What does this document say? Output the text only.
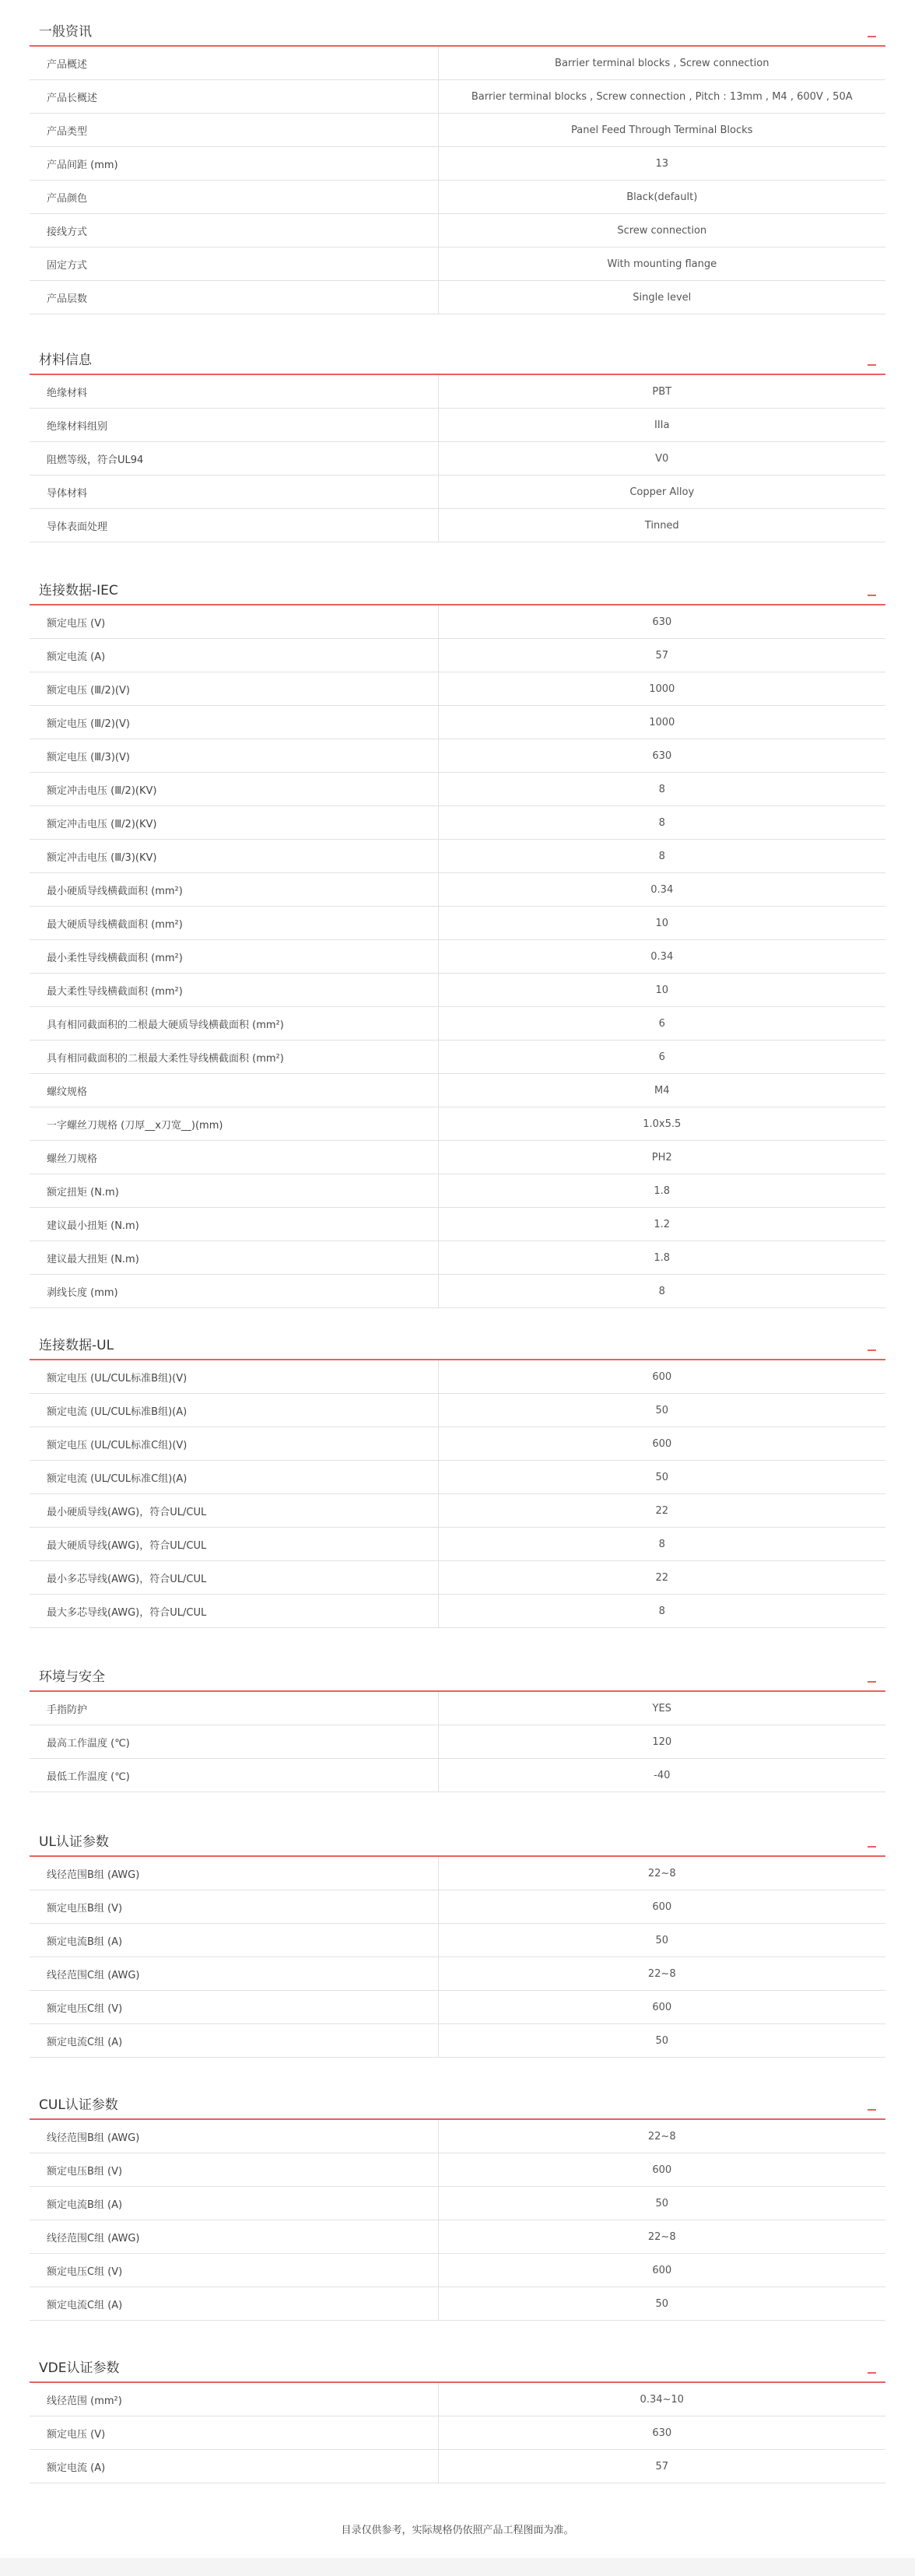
一般资讯
产品概述	Barrier terminal blocks , Screw connection
产品长概述	Barrier terminal blocks , Screw connection , Pitch : 13mm , M4 , 600V , 50A
产品类型	Panel Feed Through Terminal Blocks
产品间距 (mm)	13
产品颜色	Black(default)
接线方式	Screw connection
固定方式	With mounting flange
产品层数	Single level
材料信息
绝缘材料	PBT
绝缘材料组别	IIIa
阻燃等级，符合UL94	V0
导体材料	Copper Alloy
导体表面处理	Tinned
连接数据-IEC
额定电压 (V)	630
额定电流 (A)	57
额定电压 (Ⅲ/2)(V)	1000
额定电压 (Ⅲ/2)(V)	1000
额定电压 (Ⅲ/3)(V)	630
额定冲击电压 (Ⅲ/2)(KV)	8
额定冲击电压 (Ⅲ/2)(KV)	8
额定冲击电压 (Ⅲ/3)(KV)	8
最小硬质导线横截面积 (mm²)	0.34
最大硬质导线横截面积 (mm²)	10
最小柔性导线横截面积 (mm²)	0.34
最大柔性导线横截面积 (mm²)	10
具有相同截面积的二根最大硬质导线横截面积 (mm²)	6
具有相同截面积的二根最大柔性导线横截面积 (mm²)	6
螺纹规格	M4
一字螺丝刀规格 (刀厚__x刀宽__)(mm)	1.0x5.5
螺丝刀规格	PH2
额定扭矩 (N.m)	1.8
建议最小扭矩 (N.m)	1.2
建议最大扭矩 (N.m)	1.8
剥线长度 (mm)	8
连接数据-UL
额定电压 (UL/CUL标准B组)(V)	600
额定电流 (UL/CUL标准B组)(A)	50
额定电压 (UL/CUL标准C组)(V)	600
额定电流 (UL/CUL标准C组)(A)	50
最小硬质导线(AWG)，符合UL/CUL	22
最大硬质导线(AWG)，符合UL/CUL	8
最小多芯导线(AWG)，符合UL/CUL	22
最大多芯导线(AWG)，符合UL/CUL	8
环境与安全
手指防护	YES
最高工作温度 (℃)	120
最低工作温度 (℃)	-40
UL认证参数
线径范围B组 (AWG)	22~8
额定电压B组 (V)	600
额定电流B组 (A)	50
线径范围C组 (AWG)	22~8
额定电压C组 (V)	600
额定电流C组 (A)	50
CUL认证参数
线径范围B组 (AWG)	22~8
额定电压B组 (V)	600
额定电流B组 (A)	50
线径范围C组 (AWG)	22~8
额定电压C组 (V)	600
额定电流C组 (A)	50
VDE认证参数
线径范围 (mm²)	0.34~10
额定电压 (V)	630
额定电流 (A)	57
目录仅供参考，实际规格仍依照产品工程图面为准。
